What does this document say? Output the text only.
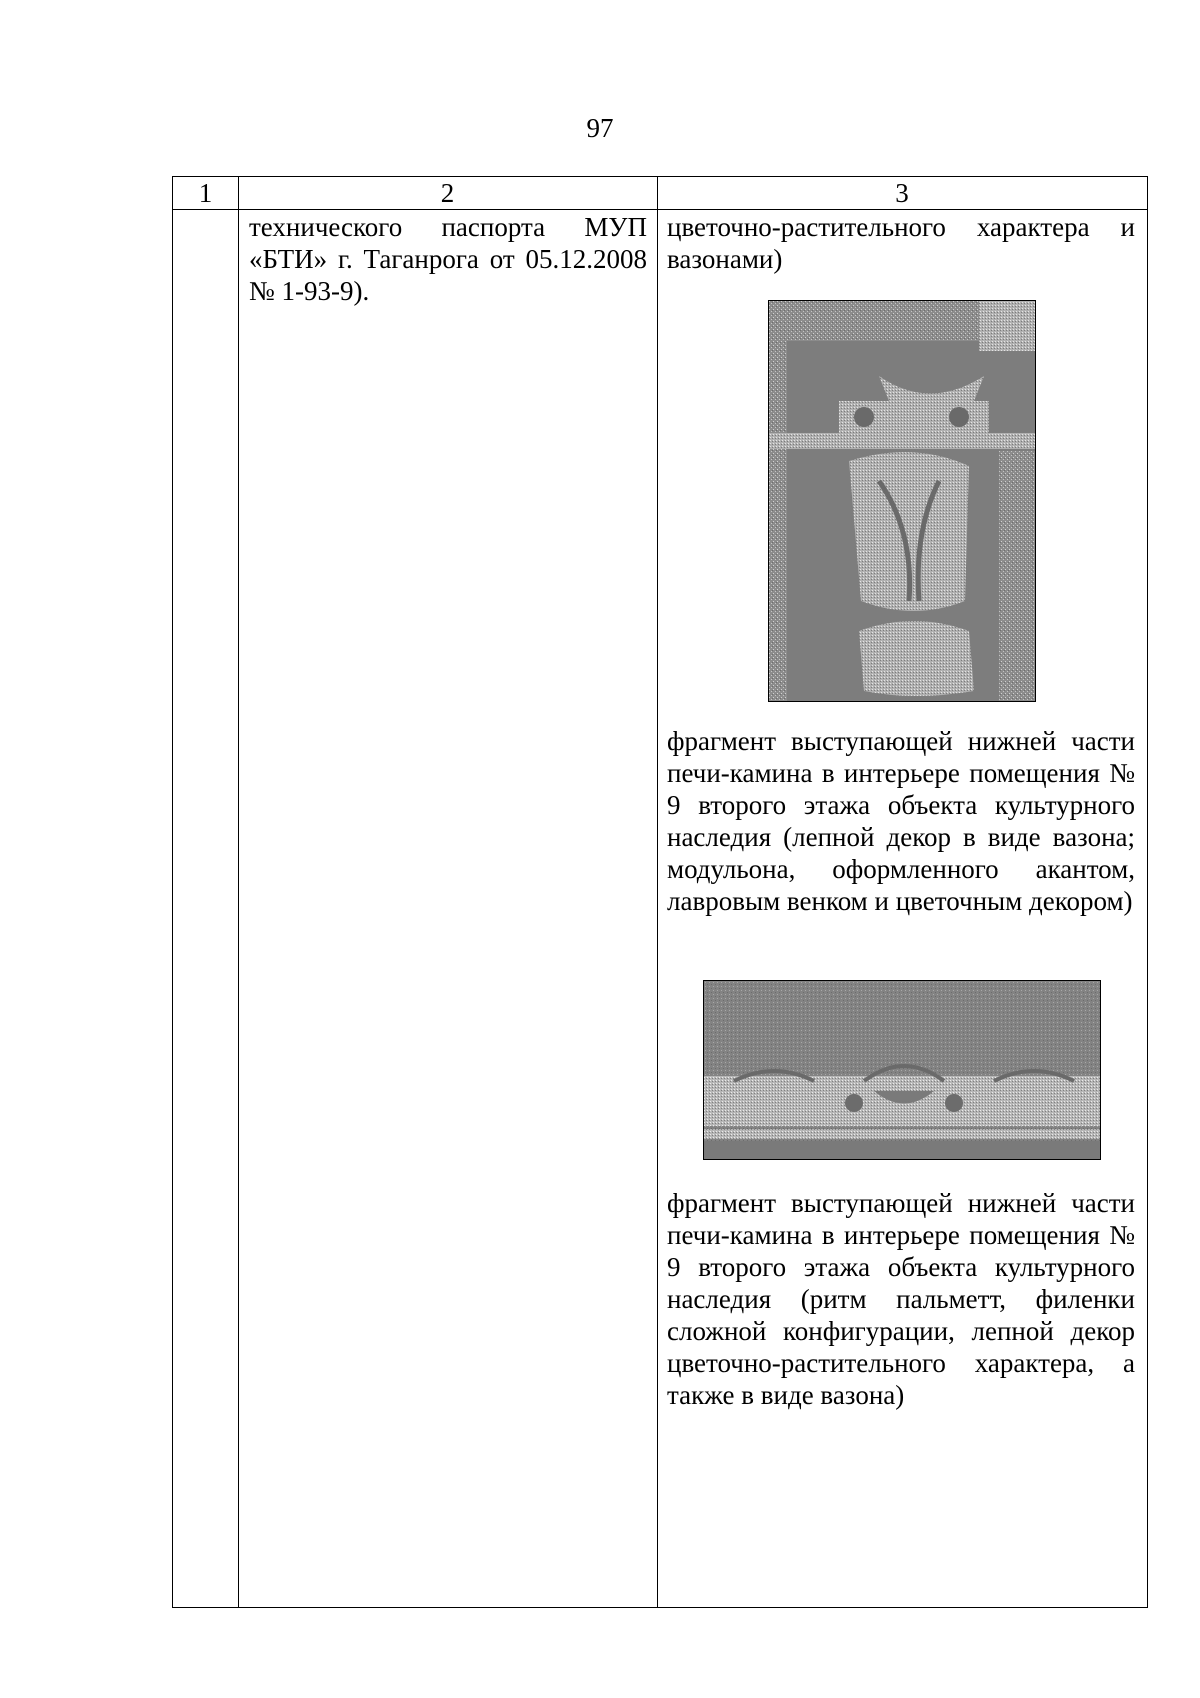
97
1	2	3
технического паспорта МУП «БТИ» г. Таганрога от 05.12.2008 № 1-93-9).
цветочно-растительного характера и вазонами)
фрагмент выступающей нижней части печи-камина в интерьере помещения № 9 второго этажа объекта культурного наследия (лепной декор в виде вазона; модульона, оформленного акантом, лавровым венком и цветочным декором)
фрагмент выступающей нижней части печи-камина в интерьере помещения № 9 второго этажа объекта культурного наследия (ритм пальметт, филенки сложной конфигурации, лепной декор цветочно-растительного характера, а также в виде вазона)
